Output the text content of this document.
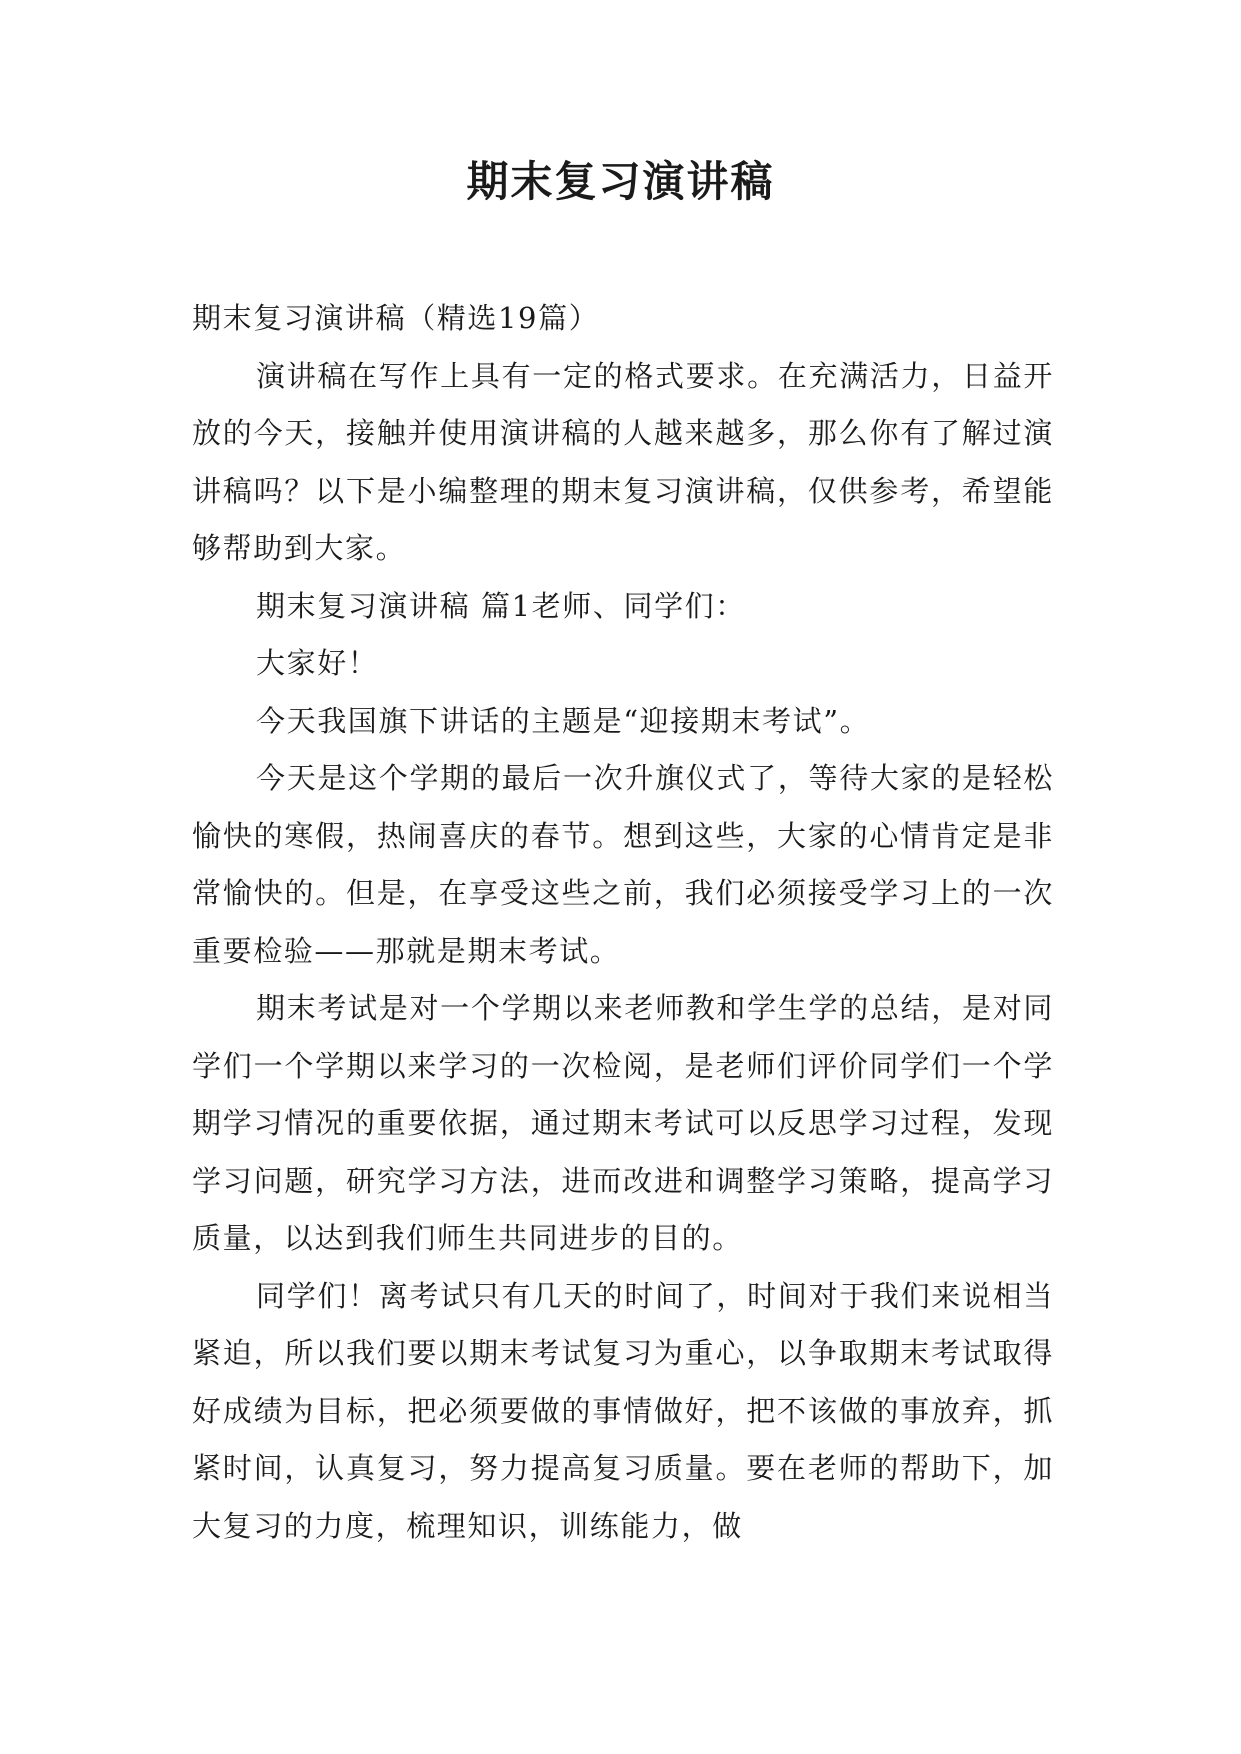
期末复习演讲稿

期末复习演讲稿（精选19篇）

演讲稿在写作上具有一定的格式要求。在充满活力，日益开放的今天，接触并使用演讲稿的人越来越多，那么你有了解过演讲稿吗？以下是小编整理的期末复习演讲稿，仅供参考，希望能够帮助到大家。

期末复习演讲稿 篇1老师、同学们：

大家好！

今天我国旗下讲话的主题是“迎接期末考试”。

今天是这个学期的最后一次升旗仪式了，等待大家的是轻松愉快的寒假，热闹喜庆的春节。想到这些，大家的心情肯定是非常愉快的。但是，在享受这些之前，我们必须接受学习上的一次重要检验——那就是期末考试。

期末考试是对一个学期以来老师教和学生学的总结，是对同学们一个学期以来学习的一次检阅，是老师们评价同学们一个学期学习情况的重要依据，通过期末考试可以反思学习过程，发现学习问题，研究学习方法，进而改进和调整学习策略，提高学习质量，以达到我们师生共同进步的目的。

同学们！离考试只有几天的时间了，时间对于我们来说相当紧迫，所以我们要以期末考试复习为重心，以争取期末考试取得好成绩为目标，把必须要做的事情做好，把不该做的事放弃，抓紧时间，认真复习，努力提高复习质量。要在老师的帮助下，加大复习的力度，梳理知识，训练能力，做
